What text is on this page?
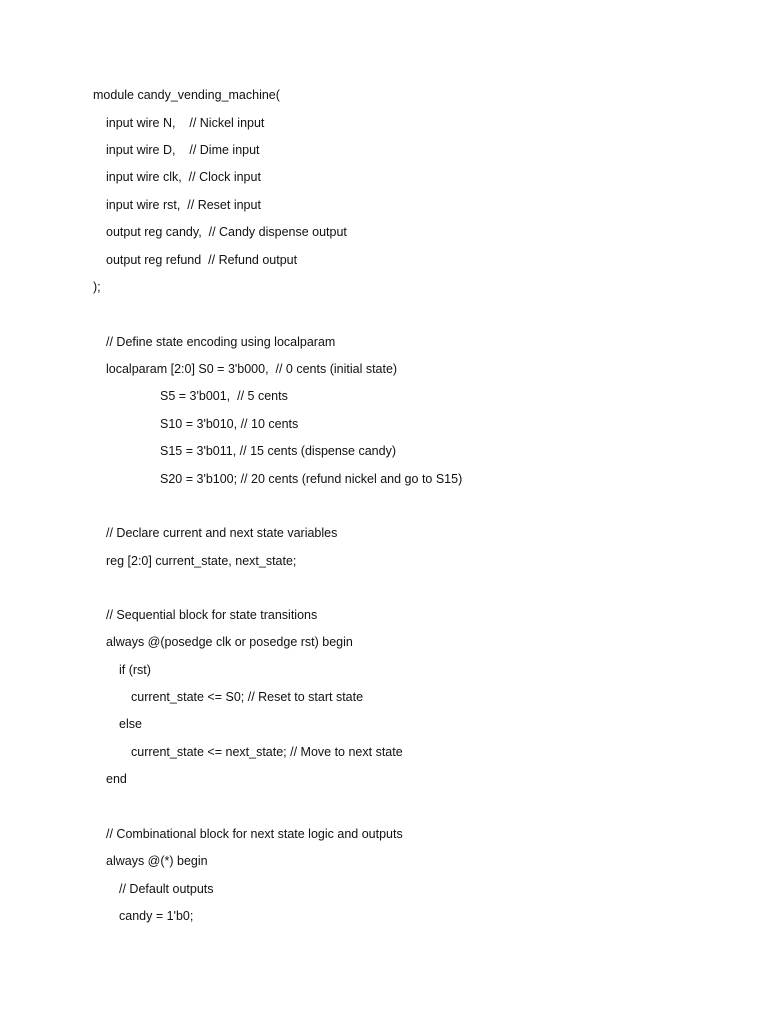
module candy_vending_machine(
input wire N,    // Nickel input
input wire D,    // Dime input
input wire clk,  // Clock input
input wire rst,  // Reset input
output reg candy,  // Candy dispense output
output reg refund  // Refund output
);
// Define state encoding using localparam
localparam [2:0] S0 = 3'b000,  // 0 cents (initial state)
S5 = 3'b001,  // 5 cents
S10 = 3'b010, // 10 cents
S15 = 3'b011, // 15 cents (dispense candy)
S20 = 3'b100; // 20 cents (refund nickel and go to S15)
// Declare current and next state variables
reg [2:0] current_state, next_state;
// Sequential block for state transitions
always @(posedge clk or posedge rst) begin
if (rst)
current_state <= S0; // Reset to start state
else
current_state <= next_state; // Move to next state
end
// Combinational block for next state logic and outputs
always @(*) begin
// Default outputs
candy = 1'b0;
